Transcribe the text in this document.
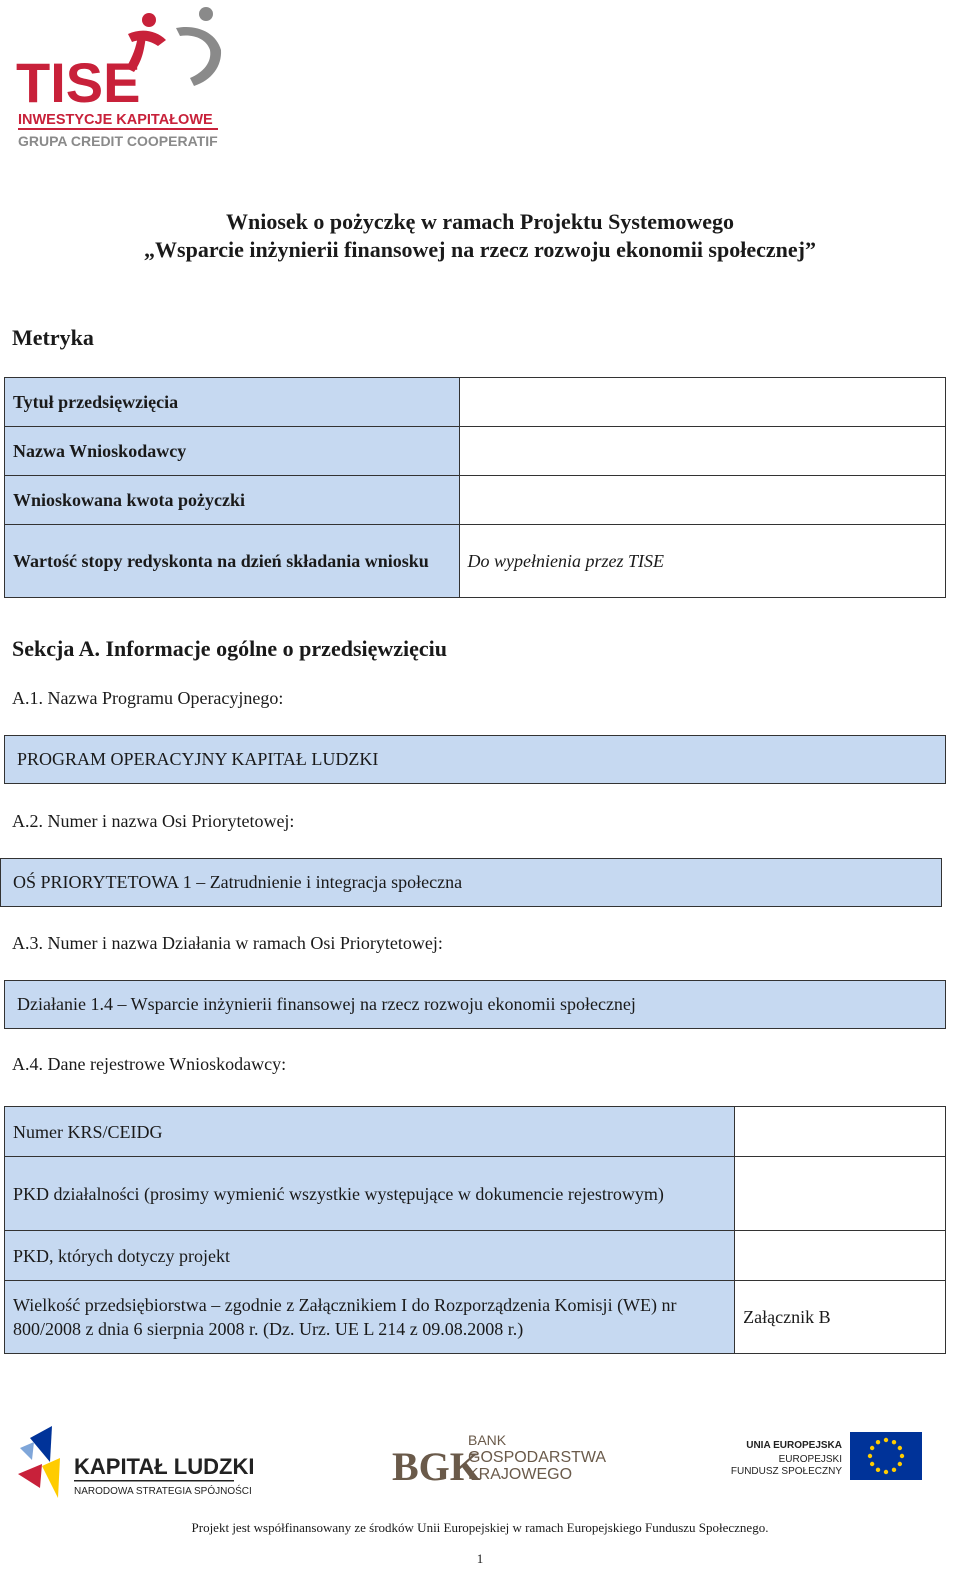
TISE
INWESTYCJE KAPITAŁOWE
GRUPA CREDIT COOPERATIF
Wniosek o pożyczkę w ramach Projektu Systemowego
„Wsparcie inżynierii finansowej na rzecz rozwoju ekonomii społecznej”
Metryka
Tytuł przedsięwzięcia	
Nazwa Wnioskodawcy	
Wnioskowana kwota pożyczki	
Wartość stopy redyskonta na dzień składania wniosku	Do wypełnienia przez TISE
Sekcja A. Informacje ogólne o przedsięwzięciu
A.1. Nazwa Programu Operacyjnego:
PROGRAM OPERACYJNY KAPITAŁ LUDZKI
A.2. Numer i nazwa Osi Priorytetowej:
OŚ PRIORYTETOWA 1 – Zatrudnienie i integracja społeczna
A.3. Numer i nazwa Działania w ramach Osi Priorytetowej:
Działanie 1.4 – Wsparcie inżynierii finansowej na rzecz rozwoju ekonomii społecznej
A.4. Dane rejestrowe Wnioskodawcy:
Numer KRS/CEIDG	
PKD działalności (prosimy wymienić wszystkie występujące w dokumencie rejestrowym)	
PKD, których dotyczy projekt	
Wielkość przedsiębiorstwa – zgodnie z Załącznikiem I do Rozporządzenia Komisji (WE) nr 800/2008 z dnia 6 sierpnia 2008 r. (Dz. Urz. UE L 214 z 09.08.2008 r.)	Załącznik B
KAPITAŁ LUDZKI
NARODOWA STRATEGIA SPÓJNOŚCI
BGK
BANK
GOSPODARSTWA
KRAJOWEGO
UNIA EUROPEJSKA
EUROPEJSKI
FUNDUSZ SPOŁECZNY
Projekt jest współfinansowany ze środków Unii Europejskiej w ramach Europejskiego Funduszu Społecznego.
1
